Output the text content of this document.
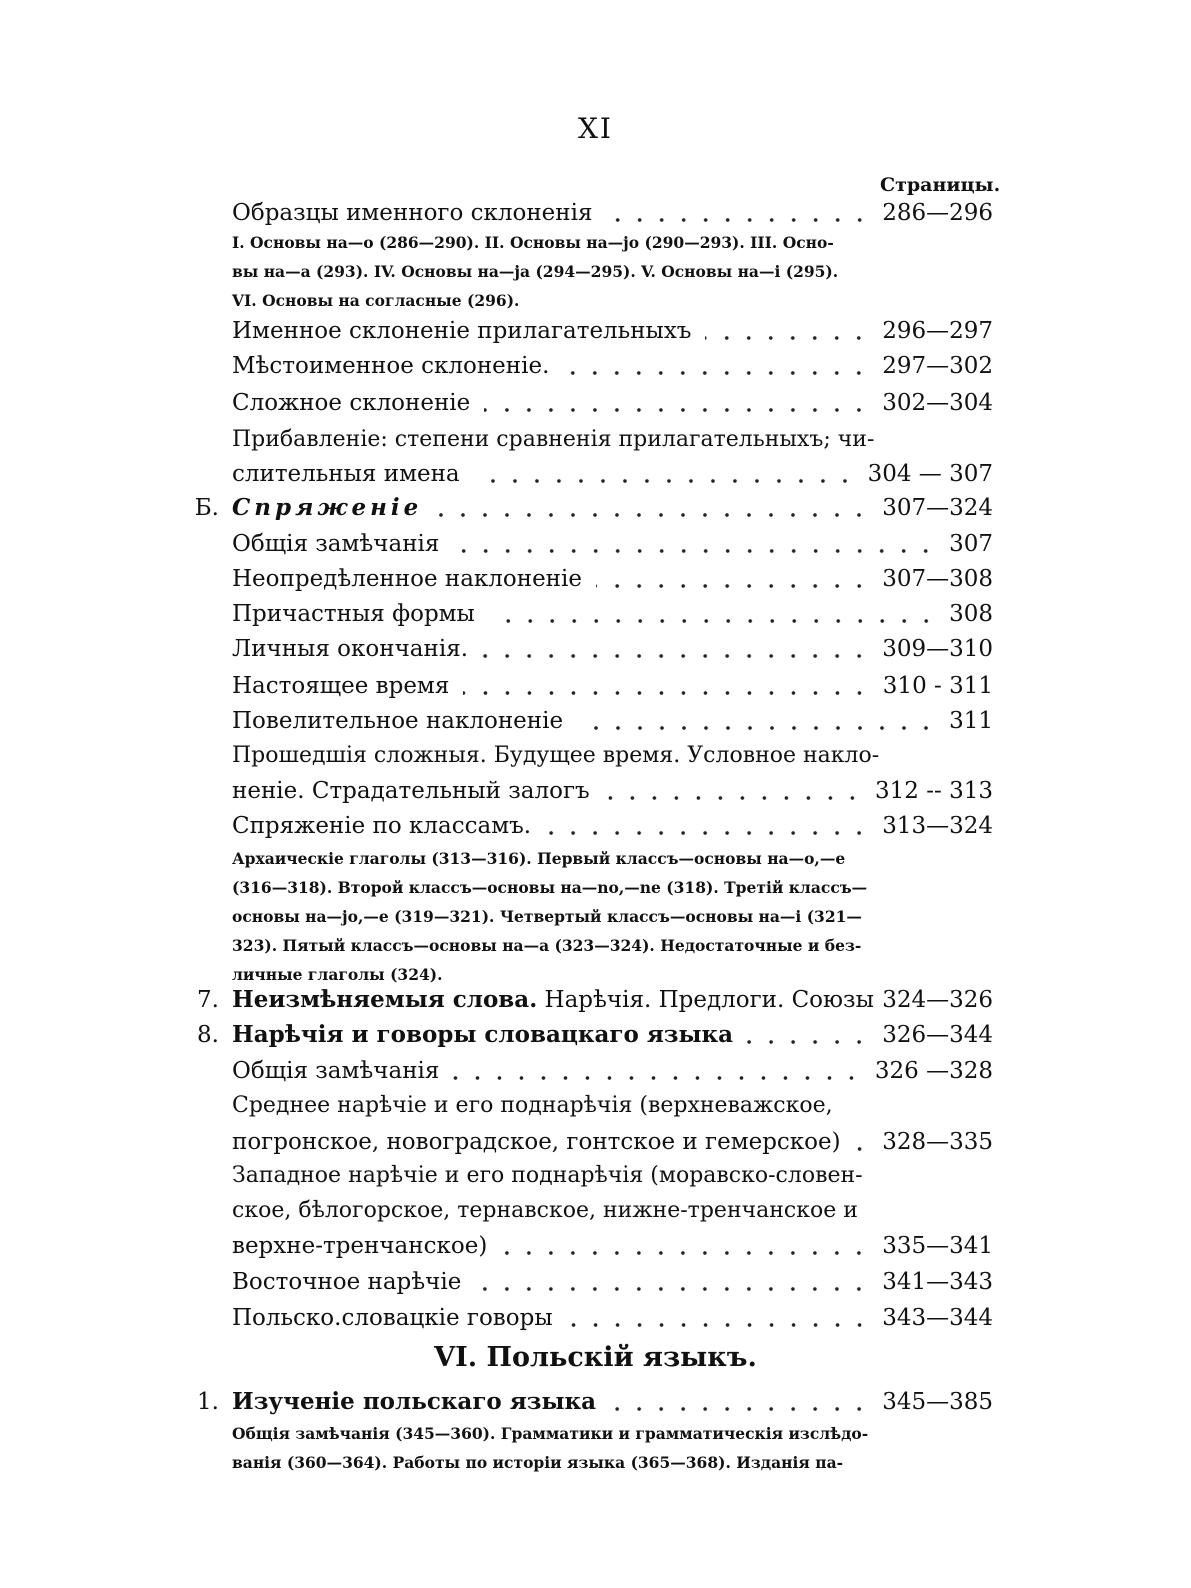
XI
Страницы.
Образцы именного склоненія	286—296
Именное склоненіе прилагательныхъ	296—297
Мѣстоименное склоненіе.	297—302
Сложное склоненіе	302—304
Прибавленіе: степени сравненія прилагательныхъ; чи-
слительныя имена	304 — 307
Б. Спряженіе	307—324
Общія замѣчанія	307
Неопредѣленное наклоненіе	307—308
Причастныя формы	308
Личныя окончанія.	309—310
Настоящее время	310 - 311
Повелительное наклоненіе	311
Прошедшія сложныя. Будущее время. Условное накло-
неніе. Страдательный залогъ	312 -- 313
Спряженіе по классамъ.	313—324
7. Неизмѣняемыя слова. Нарѣчія. Предлоги. Союзы 324—326
8. Нарѣчія и говоры словацкаго языка	326—344
Общія замѣчанія	326 —328
Среднее нарѣчіе и его поднарѣчія (верхневажское,
погронское, новоградское, гонтское и гемерское) 328—335
Западное нарѣчіе и его поднарѣчія (моравско-словен-
ское, бѣлогорское, тернавское, нижне-тренчанское и
верхне-тренчанское)	335—341
Восточное нарѣчіе	341—343
Польско.словацкіе говоры	343—344
I. Основы на—о (286—290). II. Основы на—jo (290—293). III. Осно-
вы на—а (293). IV. Основы на—ja (294—295). V. Основы на—i (295).
VI. Основы на согласные (296).
Архаическіе глаголы (313—316). Первый классъ—основы на—о,—е
(316—318). Второй классъ—основы на—no,—ne (318). Третій классъ—
основы на—jo,—e (319—321). Четвертый классъ—основы на—i (321—
323). Пятый классъ—основы на—а (323—324). Недостаточные и без-
личные глаголы (324).
Общія замѣчанія (345—360). Грамматики и грамматическія изслѣдо-
ванія (360—364). Работы по исторіи языка (365—368). Изданія па-
VI. Польскій языкъ.
1. Изученіе польскаго языка	345—385
